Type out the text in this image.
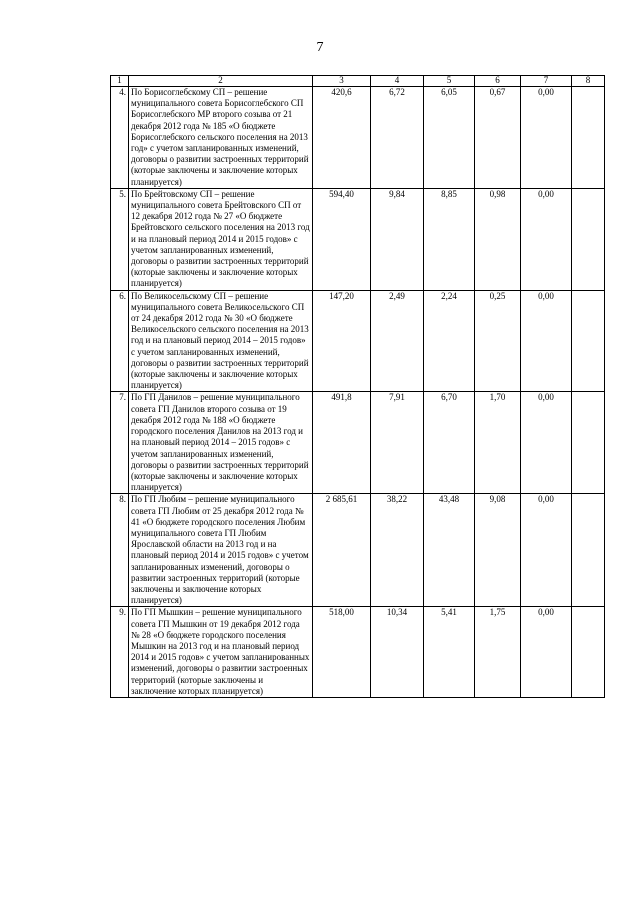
7
1	2	3	4	5	6	7	8
4.	По Борисоглебскому СП – решение муниципального совета Борисоглебского СП Борисоглебского МР второго созыва от 21 декабря 2012 года № 185 «О бюджете Борисоглебского сельского поселения на 2013 год» с учетом запланированных изменений, договоры о развитии застроенных территорий (которые заключены и заключение которых планируется)	420,6	6,72	6,05	0,67	0,00	
5.	По Брейтовскому СП – решение муниципального совета Брейтовского СП от 12 декабря 2012 года № 27 «О бюджете Брейтовского сельского поселения на 2013 год и на плановый период 2014 и 2015 годов» с учетом запланированных изменений, договоры о развитии застроенных территорий (которые заключены и заключение которых планируется)	594,40	9,84	8,85	0,98	0,00	
6.	По Великосельскому СП – решение муниципального совета Великосельского СП от 24 декабря 2012 года № 30 «О бюджете Великосельского сельского поселения на 2013 год и на плановый период 2014 – 2015 годов» с учетом запланированных изменений, договоры о развитии застроенных территорий (которые заключены и заключение которых планируется)	147,20	2,49	2,24	0,25	0,00	
7.	По ГП Данилов – решение муниципального совета ГП Данилов второго созыва от 19 декабря 2012 года № 188 «О бюджете городского поселения Данилов на 2013 год и на плановый период 2014 – 2015 годов» с учетом запланированных изменений, договоры о развитии застроенных территорий (которые заключены и заключение которых планируется)	491,8	7,91	6,70	1,70	0,00	
8.	По ГП Любим – решение муниципального совета ГП Любим от 25 декабря 2012 года № 41 «О бюджете городского поселения Любим муниципального совета ГП Любим Ярославской области на 2013 год и на плановый период 2014 и 2015 годов» с учетом запланированных изменений, договоры о развитии застроенных территорий (которые заключены и заключение которых планируется)	2 685,61	38,22	43,48	9,08	0,00	
9.	По ГП Мышкин – решение муниципального совета ГП Мышкин от 19 декабря 2012 года № 28 «О бюджете городского поселения Мышкин на 2013 год и на плановый период 2014 и 2015 годов» с учетом запланированных изменений, договоры о развитии застроенных территорий (которые заключены и заключение которых планируется)	518,00	10,34	5,41	1,75	0,00	
